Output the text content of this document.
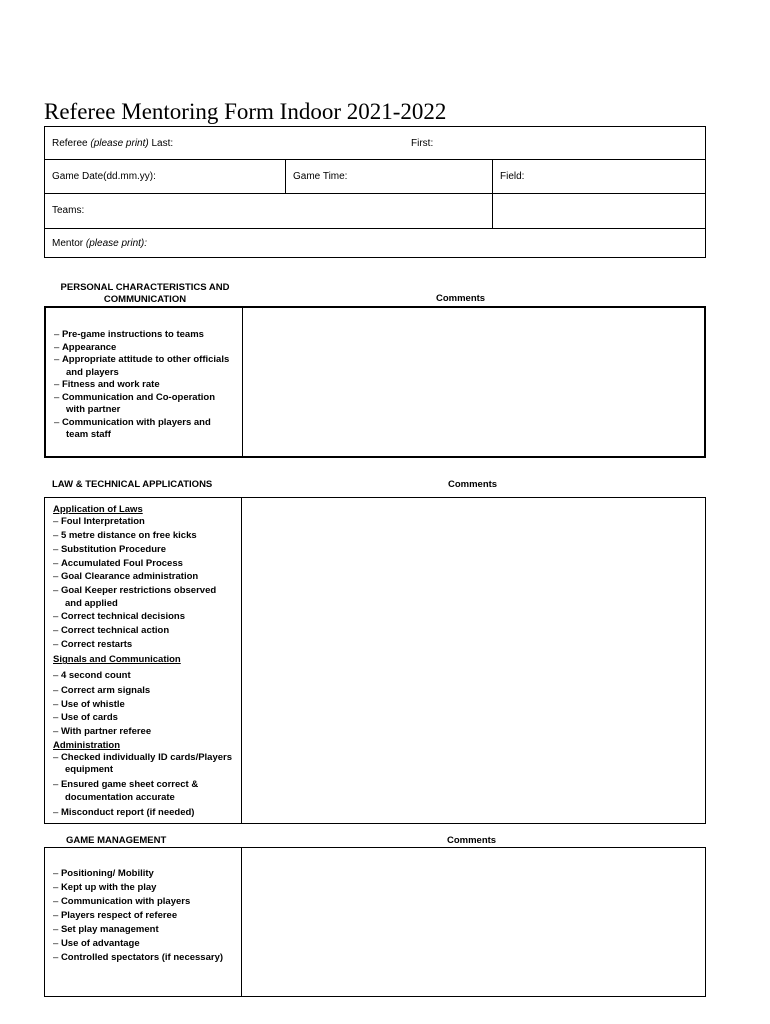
Referee Mentoring Form Indoor 2021-2022
Referee
(please print)
Last:	First:
Game Date(dd.mm.yy):	Game Time:	Field:
Teams:
Mentor
(please print):
PERSONAL CHARACTERISTICS AND
COMMUNICATION	Comments
– Pre-game instructions to teams
– Appearance
– Appropriate attitude to other officials and players
– Fitness and work rate
– Communication and Co-operation with partner
– Communication with players and team staff
LAW & TECHNICAL APPLICATIONS	Comments
Application of Laws
– Foul Interpretation
– 5 metre distance on free kicks
– Substitution Procedure
– Accumulated Foul Process
– Goal Clearance administration
– Goal Keeper restrictions observed and applied
– Correct technical decisions
– Correct technical action
– Correct restarts
Signals and Communication
– 4 second count
– Correct arm signals
– Use of whistle
– Use of cards
– With partner referee
Administration
– Checked individually ID cards/Players equipment
– Ensured game sheet correct & documentation accurate
– Misconduct report (if needed)
GAME MANAGEMENT	Comments
– Positioning/ Mobility
– Kept up with the play
– Communication with players
– Players respect of referee
– Set play management
– Use of advantage
– Controlled spectators (if necessary)
